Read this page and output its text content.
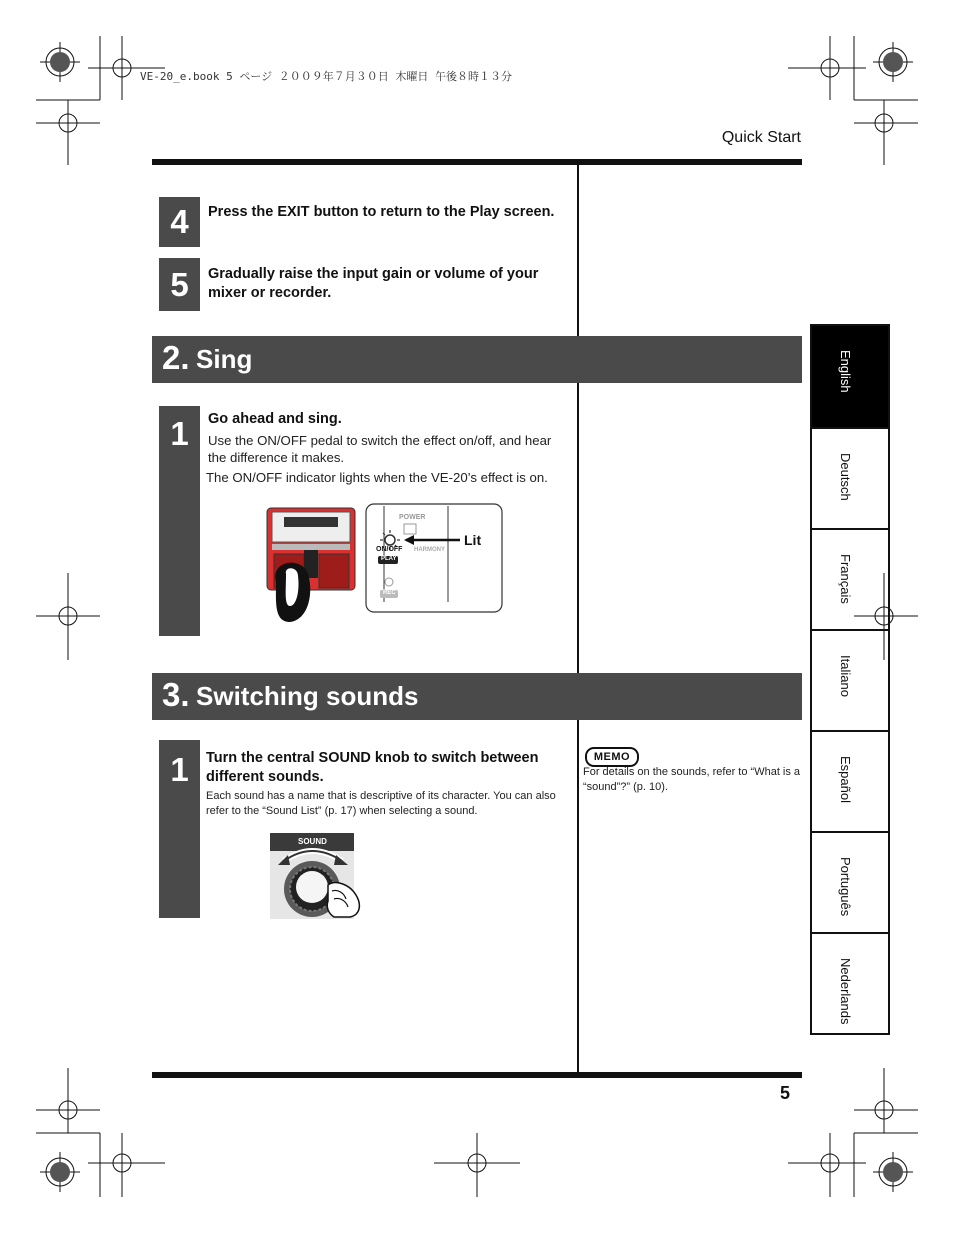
VE-20_e.book 5 ページ ２００９年７月３０日 木曜日 午後８時１３分
Quick Start
4	Press the EXIT button to return to the Play screen.
5	Gradually raise the input gain or volume of your mixer or recorder.
2. Sing
1	Go ahead and sing.
Use the ON/OFF pedal to switch the effect on/off, and hear the difference it makes.
The ON/OFF indicator lights when the VE-20’s effect is on.
POWER
ON/OFF
PLAY
HARMONY
REC
Lit
3. Switching sounds
1	Turn the central SOUND knob to switch between different sounds.
Each sound has a name that is descriptive of its character. You can also refer to the “Sound List” (p. 17) when selecting a sound.
SOUND
MEMO
For details on the sounds, refer to “What is a “sound”?” (p. 10).
English
Deutsch
Français
Italiano
Español
Português
Nederlands
5
